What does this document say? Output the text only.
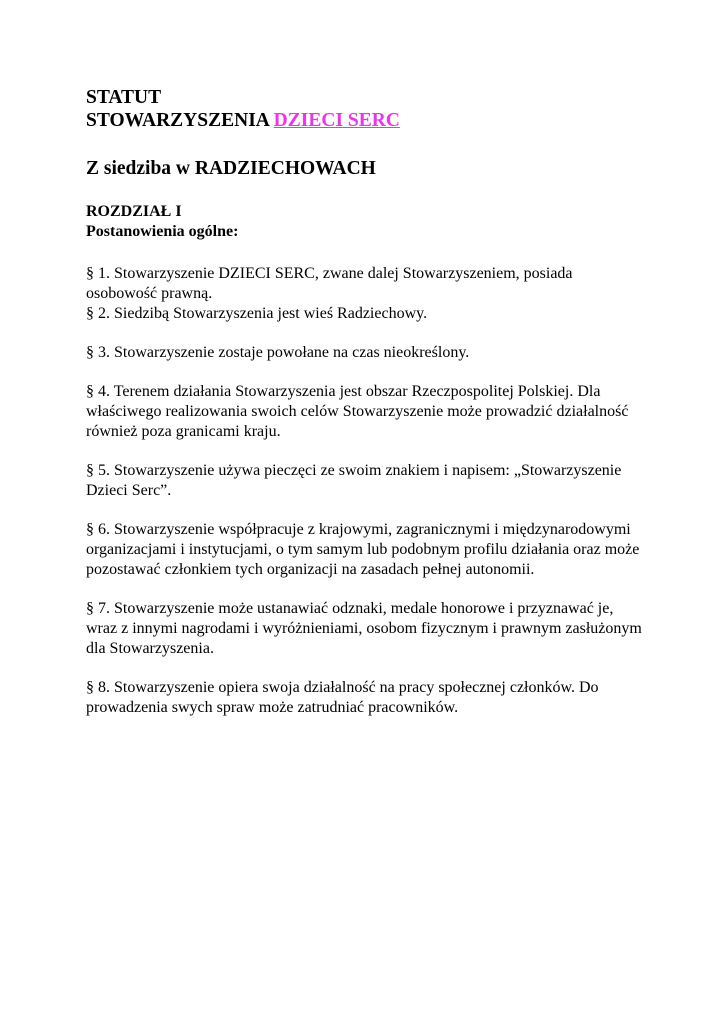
STATUT
STOWARZYSZENIA DZIECI SERC
Z siedziba w RADZIECHOWACH
ROZDZIAŁ I
Postanowienia ogólne:

§ 1. Stowarzyszenie DZIECI SERC, zwane dalej Stowarzyszeniem, posiada osobowość prawną.

§ 2. Siedzibą Stowarzyszenia jest wieś Radziechowy.

§ 3. Stowarzyszenie zostaje powołane na czas nieokreślony.

§ 4. Terenem działania Stowarzyszenia jest obszar Rzeczpospolitej Polskiej. Dla właściwego realizowania swoich celów Stowarzyszenie może prowadzić działalność również poza granicami kraju.

§ 5. Stowarzyszenie używa pieczęci ze swoim znakiem i napisem: „Stowarzyszenie Dzieci Serc”.

§ 6. Stowarzyszenie współpracuje z krajowymi, zagranicznymi i międzynarodowymi organizacjami i instytucjami, o tym samym lub podobnym profilu działania oraz może pozostawać członkiem tych organizacji na zasadach pełnej autonomii.

§ 7. Stowarzyszenie może ustanawiać odznaki, medale honorowe i przyznawać je, wraz z innymi nagrodami i wyróżnieniami, osobom fizycznym i prawnym zasłużonym dla Stowarzyszenia.

§ 8. Stowarzyszenie opiera swoja działalność na pracy społecznej członków. Do prowadzenia swych spraw może zatrudniać pracowników.
